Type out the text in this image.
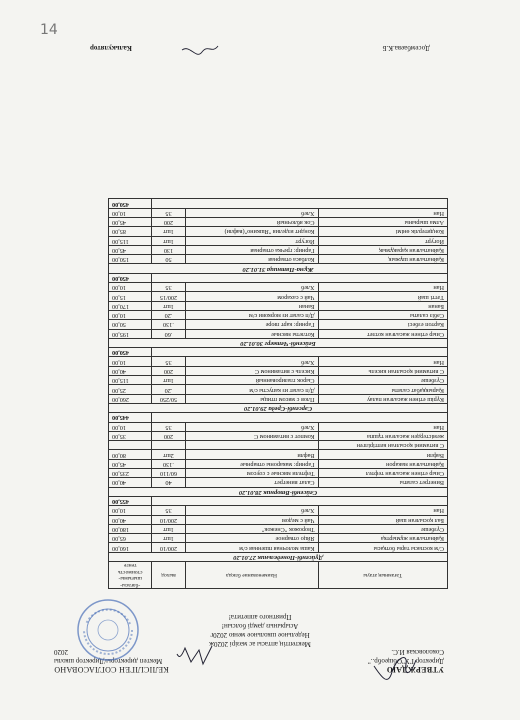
14
УТВЕРЖДАЮ
Директор ГУ"Общеобр.."
Соколовская И.С.
КЕЛІСІЛГЕН СОГЛАСОВАНО
Мектеп директоры/Директор школы
2020
Мектептің аптасы ас мәзірі 2020ж
Недельное школьное меню 2020г
Асырыныз дәмді болсын!
Приятного аппетита!
Тағамның атауы	Наименование блюда	выход	-бағасы-
шығымы-
стоимость
тенге
Дүйсенбі-Понедельник 27.01.20			
С/м коспасы тары ботқасы	Каша молочная пшенная с/м	200/10	160,00
Қайнатылған жұмыртқа	Яйцо отварное	1шт	65,00
Сүзбеше	Творожок "Снежок"	1шт	180,00
Бал қосылған шай	Чай с медом	200/10	40,00
Нан	Хлеб	35	10,00
			455,00
Сейсенбі-Вторник 28.01.20			
Винегрет салаты	Салат винегрет	40	40,00
Сиыр етінен жасалған тефтел	Тефтели мясные с соусом	60/110	235,00
Қайнатылған макарон	Гарнир: макароны отварные	.130	45,00
Вафли	Вафли	2шт	80,00
С витамині қосылған кептірілген			
жемістерден жасалған тұшпа	Компот с витамином С	200	35,00
Нан	Хлеб	35	10,00
			445,00
Сәрсенбі-Среда 29.01.20			
Күріш етінен жасалған палау	Плов с мясом птицы	50/250	260,00
Қырыққабат салаты	Д/п салат из капусты с/м	.20	25,00
Сүзбеше	Сырок глазированный	1шт	115,00
С витамині қосылған кисель	Кисель с витамином С	200	40,00
Нан	Хлеб	35	10,00
			450,00
Бейсенбі-Четверг 30.01.20			
Сиыр етінен жасалған котлет	Котлеты мясные	.60	195,00
Картоп езбесі	Гарнир: карт пюре	.130	50,00
Сәбіз салаты	Д/п салат из моркови с/м	.20	10,00
Банан	Банан	1шт	170,00
Тәтті шай	Чай с сахаром	200/15	15,00
Нан	Хлеб	35	10,00
			450,00
Жұма-Пятница 31.01.20			
Қайнатылған шұжық	Колбаса отварная	50	150,00
Қайнатылған қарақұмық	Гарнир: гречка отварная	130	45,00
Йогурт	Йогурт	1шт	115,00
Кондитерлік өнімі	Конднт изделия "Яшкино"(вафли)	1шт	85,00
Алма шырыны	Сок яблочный	200	45,00
Нан	Хлеб	35	10,00
			450,00
Досембаева.К.Б
Калькулятор
